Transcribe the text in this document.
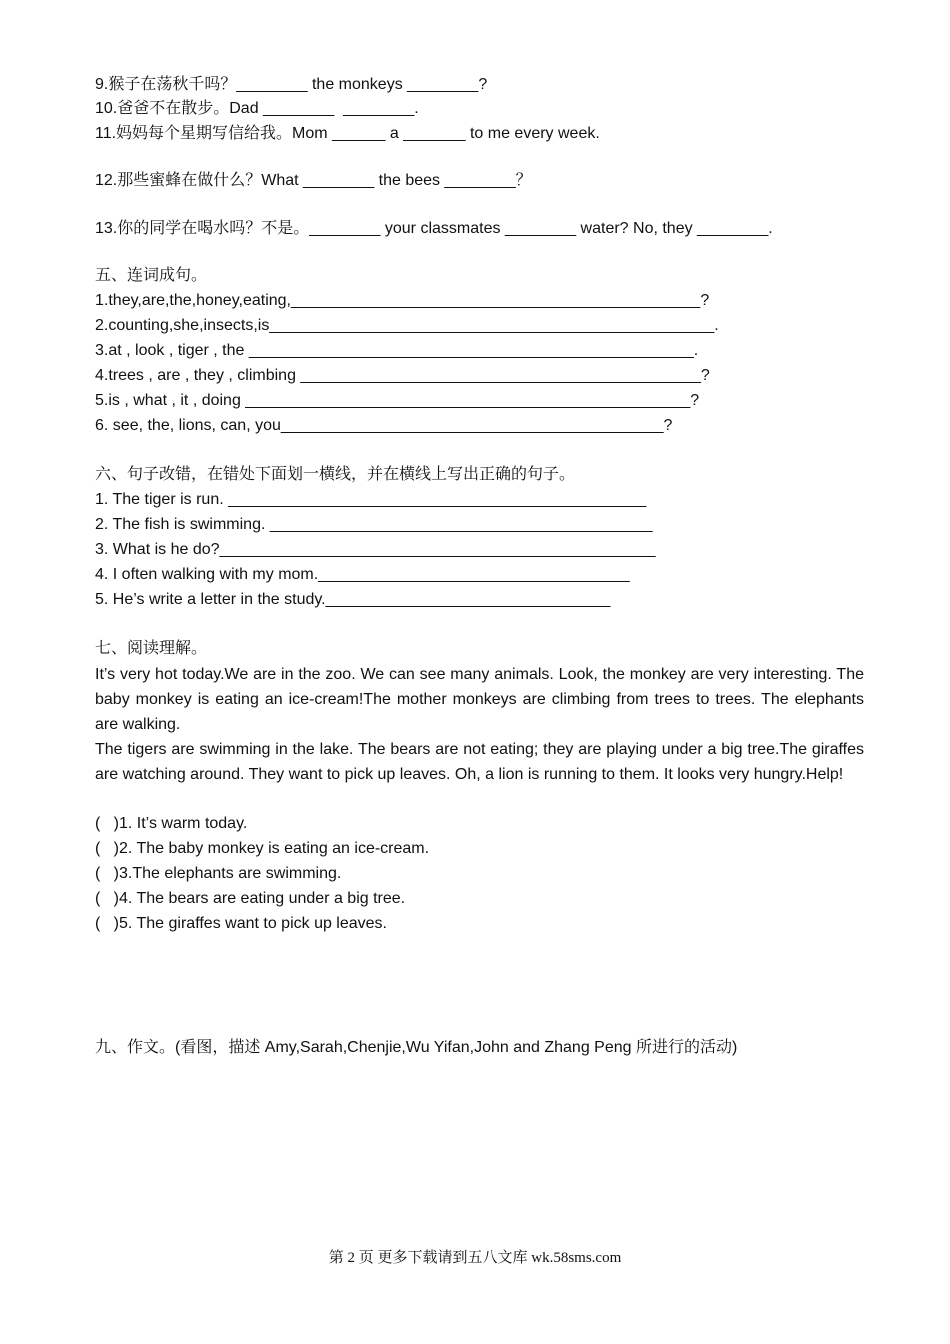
9.猴子在荡秋千吗？________ the monkeys ________?
10.爸爸不在散步。Dad ________  ________.
11.妈妈每个星期写信给我。Mom ______ a _______ to me every week.
12.那些蜜蜂在做什么？What ________ the bees ________？
13.你的同学在喝水吗？不是。________ your classmates ________ water? No, they ________.
五、连词成句。
1.they,are,the,honey,eating,______________________________________________?
2.counting,she,insects,is__________________________________________________.
3.at , look , tiger , the __________________________________________________.
4.trees , are , they , climbing _____________________________________________?
5.is , what , it , doing __________________________________________________?
6. see, the, lions, can, you___________________________________________?
六、句子改错，在错处下面划一横线，并在横线上写出正确的句子。
1. The tiger is run. _______________________________________________
2. The fish is swimming. ___________________________________________
3. What is he do?_________________________________________________
4. I often walking with my mom.___________________________________
5. He’s write a letter in the study.________________________________
七、阅读理解。
It’s very hot today.We are in the zoo. We can see many animals. Look, the monkey are very interesting. The baby monkey is eating an ice-cream!The mother monkeys are climbing from trees to trees. The elephants are walking.
The tigers are swimming in the lake. The bears are not eating; they are playing under a big tree.The giraffes are watching around. They want to pick up leaves. Oh, a lion is running to them. It looks very hungry.Help!
(   )1. It’s warm today.
(   )2. The baby monkey is eating an ice-cream.
(   )3.The elephants are swimming.
(   )4. The bears are eating under a big tree.
(   )5. The giraffes want to pick up leaves.
九、作文。(看图，描述 Amy,Sarah,Chenjie,Wu Yifan,John and Zhang Peng 所进行的活动)
第 2 页 更多下载请到五八文库 wk.58sms.com
